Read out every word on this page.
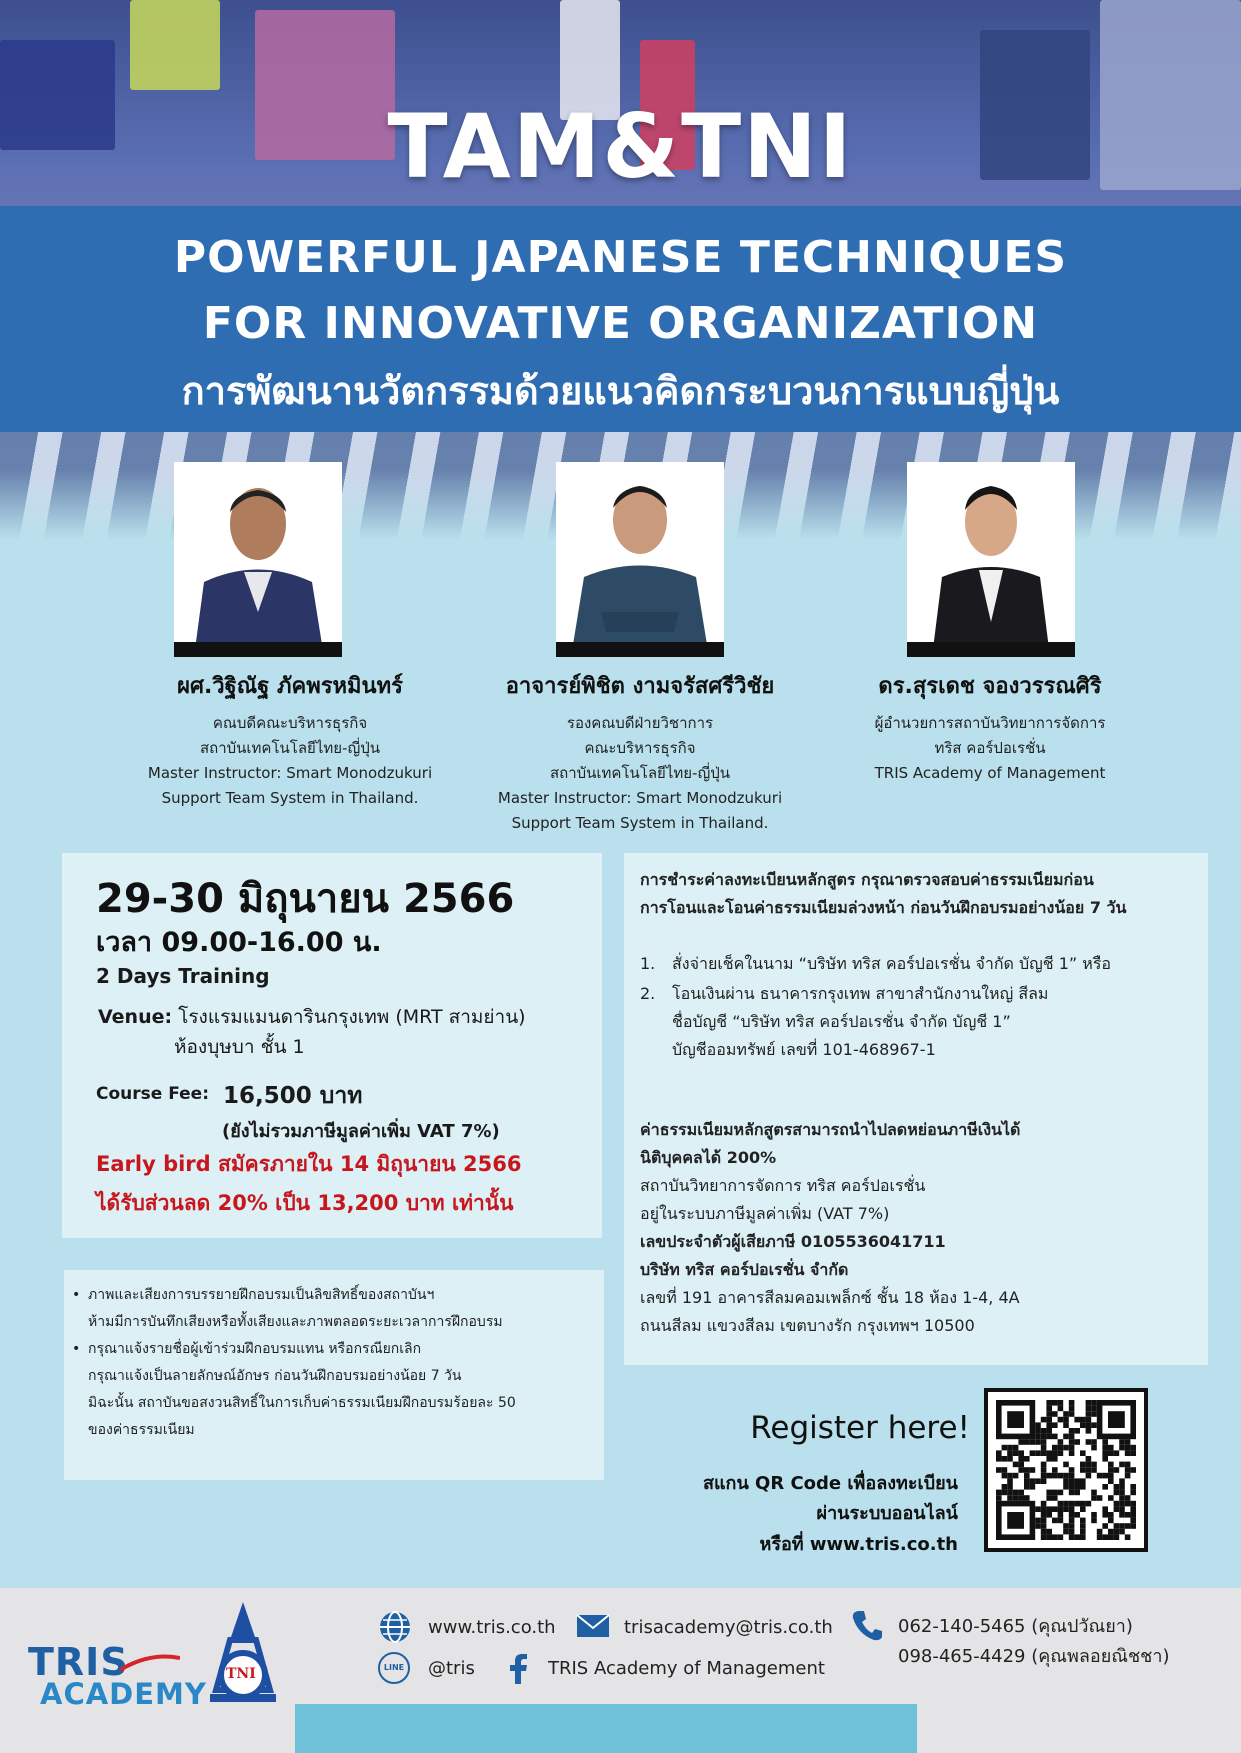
TAM&TNI
POWERFUL JAPANESE TECHNIQUES
FOR INNOVATIVE ORGANIZATION
การพัฒนานวัตกรรมด้วยแนวคิดกระบวนการแบบญี่ปุ่น
ผศ.วิฐิณัฐ ภัคพรหมินทร์
คณบดีคณะบริหารธุรกิจ
สถาบันเทคโนโลยีไทย-ญี่ปุ่น
Master Instructor: Smart Monodzukuri
Support Team System in Thailand.
อาจารย์พิชิต งามจรัสศรีวิชัย
รองคณบดีฝ่ายวิชาการ
คณะบริหารธุรกิจ
สถาบันเทคโนโลยีไทย-ญี่ปุ่น
Master Instructor: Smart Monodzukuri
Support Team System in Thailand.
ดร.สุรเดช จองวรรณศิริ
ผู้อำนวยการสถาบันวิทยาการจัดการ
ทริส คอร์ปอเรชั่น
TRIS Academy of Management
29-30 มิถุนายน 2566
เวลา 09.00-16.00 น.
2 Days Training
Venue: โรงแรมแมนดารินกรุงเทพ (MRT สามย่าน)
ห้องบุษบา ชั้น 1
Course Fee: 16,500 บาท
(ยังไม่รวมภาษีมูลค่าเพิ่ม VAT 7%)
Early bird สมัครภายใน 14 มิถุนายน 2566
ได้รับส่วนลด 20% เป็น 13,200 บาท เท่านั้น
• ภาพและเสียงการบรรยายฝึกอบรมเป็นลิขสิทธิ์ของสถาบันฯ
ห้ามมีการบันทึกเสียงหรือทั้งเสียงและภาพตลอดระยะเวลาการฝึกอบรม
• กรุณาแจ้งรายชื่อผู้เข้าร่วมฝึกอบรมแทน หรือกรณียกเลิก
กรุณาแจ้งเป็นลายลักษณ์อักษร ก่อนวันฝึกอบรมอย่างน้อย 7 วัน
มิฉะนั้น สถาบันขอสงวนสิทธิ์ในการเก็บค่าธรรมเนียมฝึกอบรมร้อยละ 50
ของค่าธรรมเนียม
การชำระค่าลงทะเบียนหลักสูตร กรุณาตรวจสอบค่าธรรมเนียมก่อน
การโอนและโอนค่าธรรมเนียมล่วงหน้า ก่อนวันฝึกอบรมอย่างน้อย 7 วัน
1.	สั่งจ่ายเช็คในนาม “บริษัท ทริส คอร์ปอเรชั่น จำกัด บัญชี 1” หรือ
2.	โอนเงินผ่าน ธนาคารกรุงเทพ สาขาสำนักงานใหญ่ สีลม
ชื่อบัญชี “บริษัท ทริส คอร์ปอเรชั่น จำกัด บัญชี 1”
บัญชีออมทรัพย์ เลขที่ 101-468967-1
ค่าธรรมเนียมหลักสูตรสามารถนำไปลดหย่อนภาษีเงินได้
นิติบุคคลได้ 200%
สถาบันวิทยาการจัดการ ทริส คอร์ปอเรชั่น
อยู่ในระบบภาษีมูลค่าเพิ่ม (VAT 7%)
เลขประจำตัวผู้เสียภาษี 0105536041711
บริษัท ทริส คอร์ปอเรชั่น จำกัด
เลขที่ 191 อาคารสีลมคอมเพล็กซ์ ชั้น 18 ห้อง 1-4, 4A
ถนนสีลม แขวงสีลม เขตบางรัก กรุงเทพฯ 10500
Register here!
สแกน QR Code เพื่อลงทะเบียน
ผ่านระบบออนไลน์
หรือที่ www.tris.co.th
TRIS
ACADEMY
TNI
www.tris.co.th	trisacademy@tris.co.th	062-140-5465 (คุณปวัณยา)
098-465-4429 (คุณพลอยณิชชา)
LINE	@tris	TRIS Academy of Management
